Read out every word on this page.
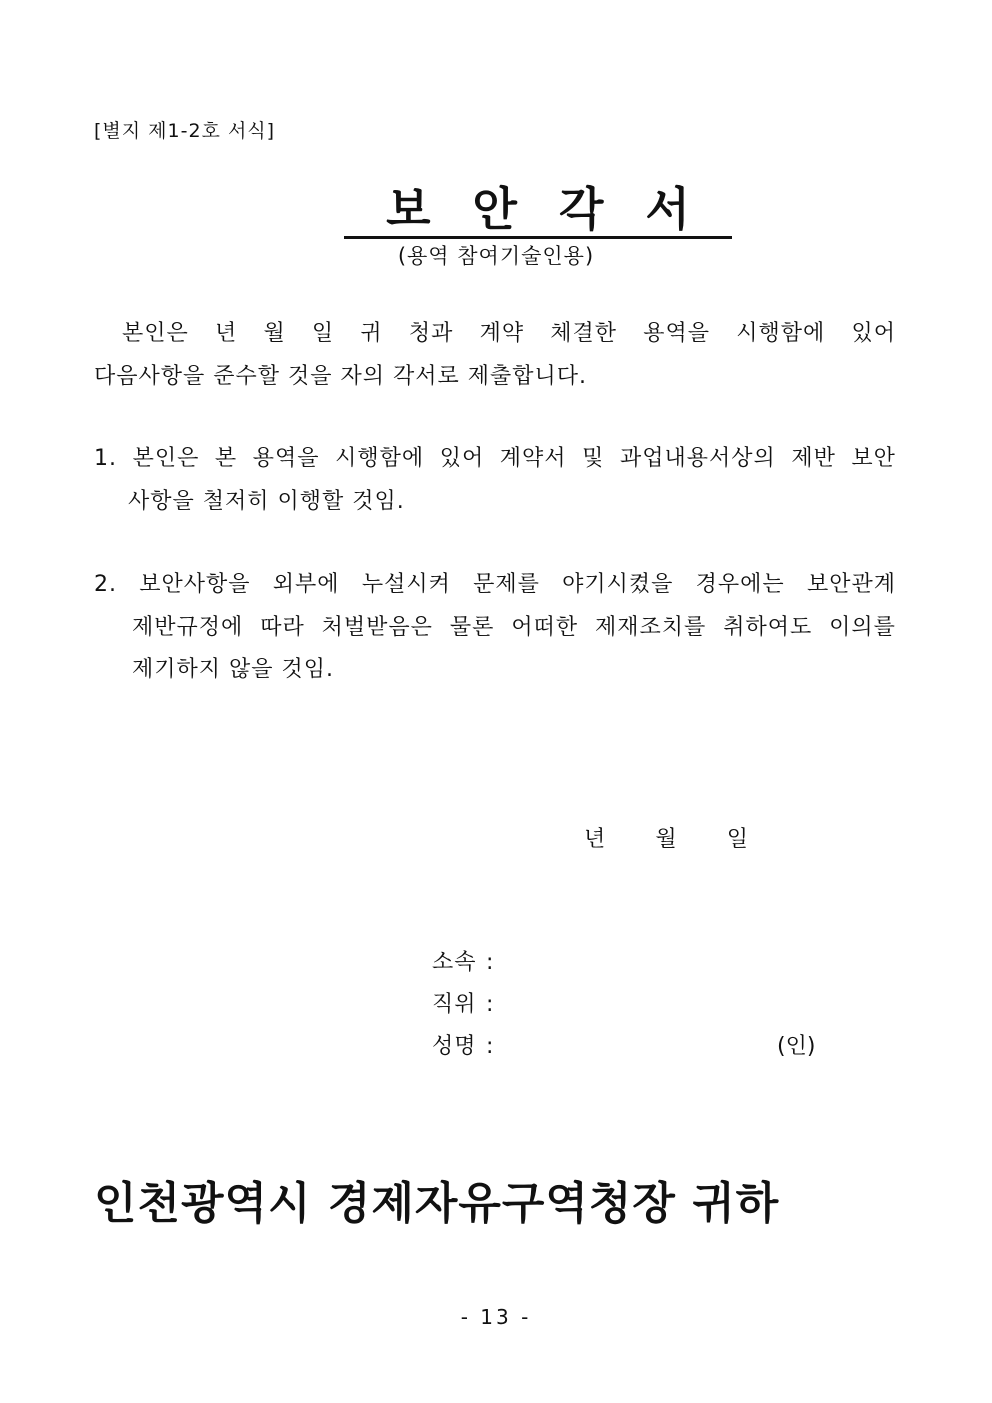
[별지 제1-2호 서식]
보안각서
(용역 참여기술인용)
본인은 년 월 일 귀 청과 계약 체결한 용역을 시행함에 있어
다음사항을 준수할 것을 자의 각서로 제출합니다.
1. 본인은 본 용역을 시행함에 있어 계약서 및 과업내용서상의 제반 보안
사항을 철저히 이행할 것임.
2. 보안사항을 외부에 누설시켜 문제를 야기시켰을 경우에는 보안관계
제반규정에 따라 처벌받음은 물론 어떠한 제재조치를 취하여도 이의를
제기하지 않을 것임.
년 월 일
소속 :
직위 :
성명 :	(인)
인천광역시 경제자유구역청장 귀하
- 13 -
